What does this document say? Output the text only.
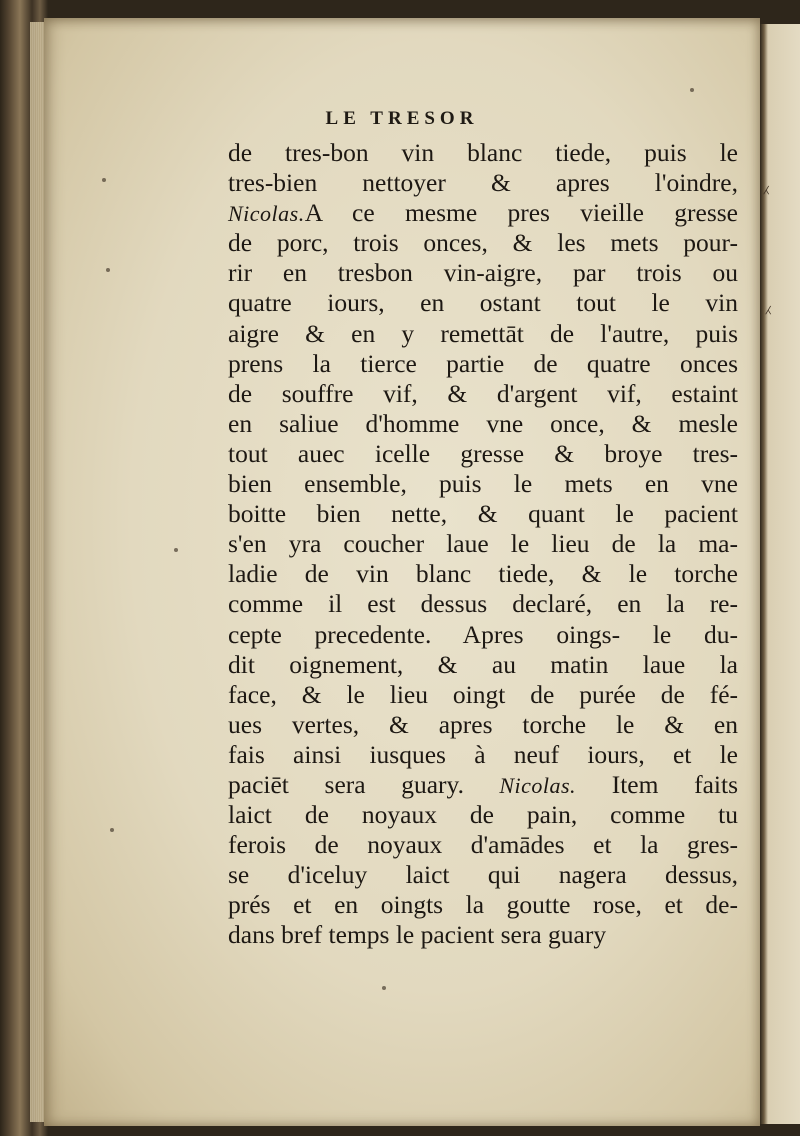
LE TRESOR
de tres-bon vin blanc tiede, puis le
tres-bien nettoyer & apres l'oindre,
Nicolas.A ce mesme pres vieille gresse
de porc, trois onces, & les mets pour-
rir en tresbon vin-aigre, par trois ou
quatre iours, en ostant tout le vin
aigre & en y remettāt de l'autre, puis
prens la tierce partie de quatre onces
de souffre vif, & d'argent vif, estaint
en saliue d'homme vne once, & mesle
tout auec icelle gresse & broye tres-
bien ensemble, puis le mets en vne
boitte bien nette, & quant le pacient
s'en yra coucher laue le lieu de la ma-
ladie de vin blanc tiede, & le torche
comme il est dessus declaré, en la re-
cepte precedente. Apres oings- le du-
dit oignement, & au matin laue la
face, & le lieu oingt de purée de fé-
ues vertes, & apres torche le & en
fais ainsi iusques à neuf iours, et le
paciēt sera guary. Nicolas. Item faits
laict de noyaux de pain, comme tu
ferois de noyaux d'amādes et la gres-
se d'iceluy laict qui nagera dessus,
prés et en oingts la goutte rose, et de-
dans bref temps le pacient sera guary
⁁
⁁
